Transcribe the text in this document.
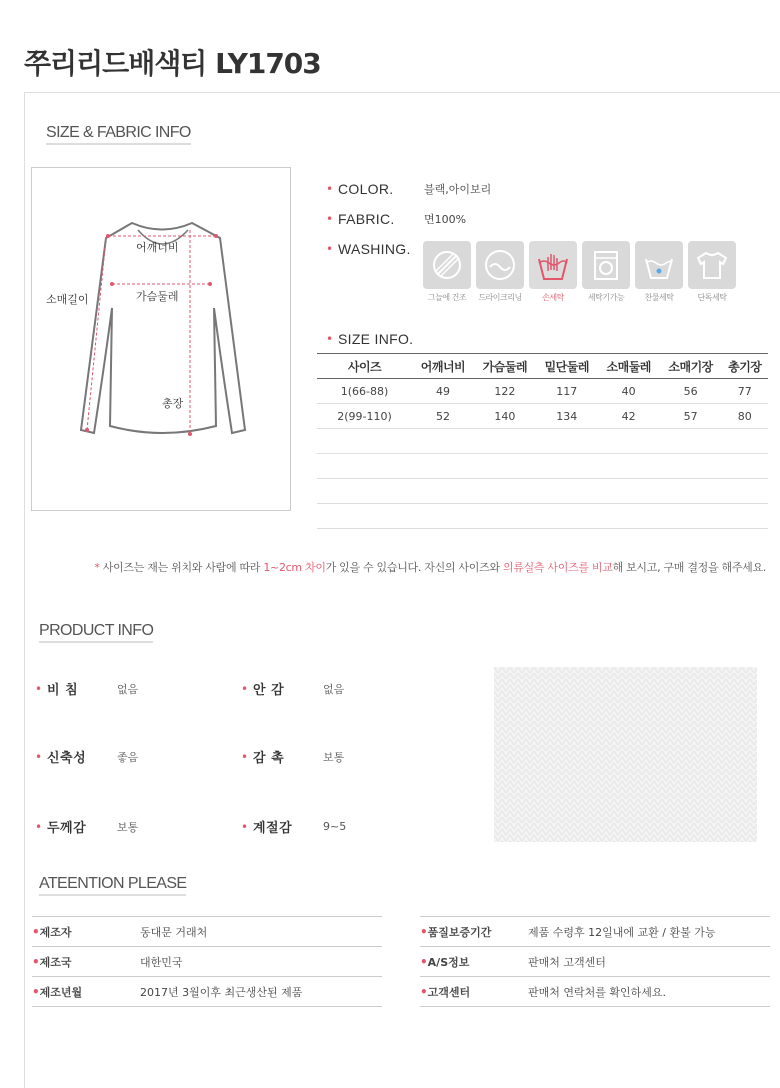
쭈리리드배색티 LY1703
SIZE & FABRIC INFO
어깨너비
가슴둘레
소매길이
총장
• COLOR.	블랙,아이보리
• FABRIC.	면100%
• WASHING.
그늘에 건조 드라이크리닝	손세탁	세탁기가능	찬물세탁	단독세탁
• SIZE INFO.
사이즈	어깨너비	가슴둘레	밑단둘레	소매둘레	소매기장	총기장
1(66-88)	49	122	117	40	56	77
2(99-110)	52	140	134	42	57	80

* 사이즈는 재는 위치와 사람에 따라 1~2cm 차이가 있을 수 있습니다. 자신의 사이즈와 의류실측 사이즈를 비교해 보시고, 구매 결정을 해주세요.
PRODUCT INFO
• 비 침	없음	• 안 감	없음
• 신축성	좋음	• 감 촉	보통
• 두께감	보통	• 계절감	9~5
ATEENTION PLEASE
•제조자	동대문 거래처
•제조국	대한민국
•제조년월	2017년 3월이후 최근생산된 제품
•품질보증기간	제품 수령후 12일내에 교환 / 환불 가능
•A/S정보	판매처 고객센터
•고객센터	판매처 연락처를 확인하세요.
